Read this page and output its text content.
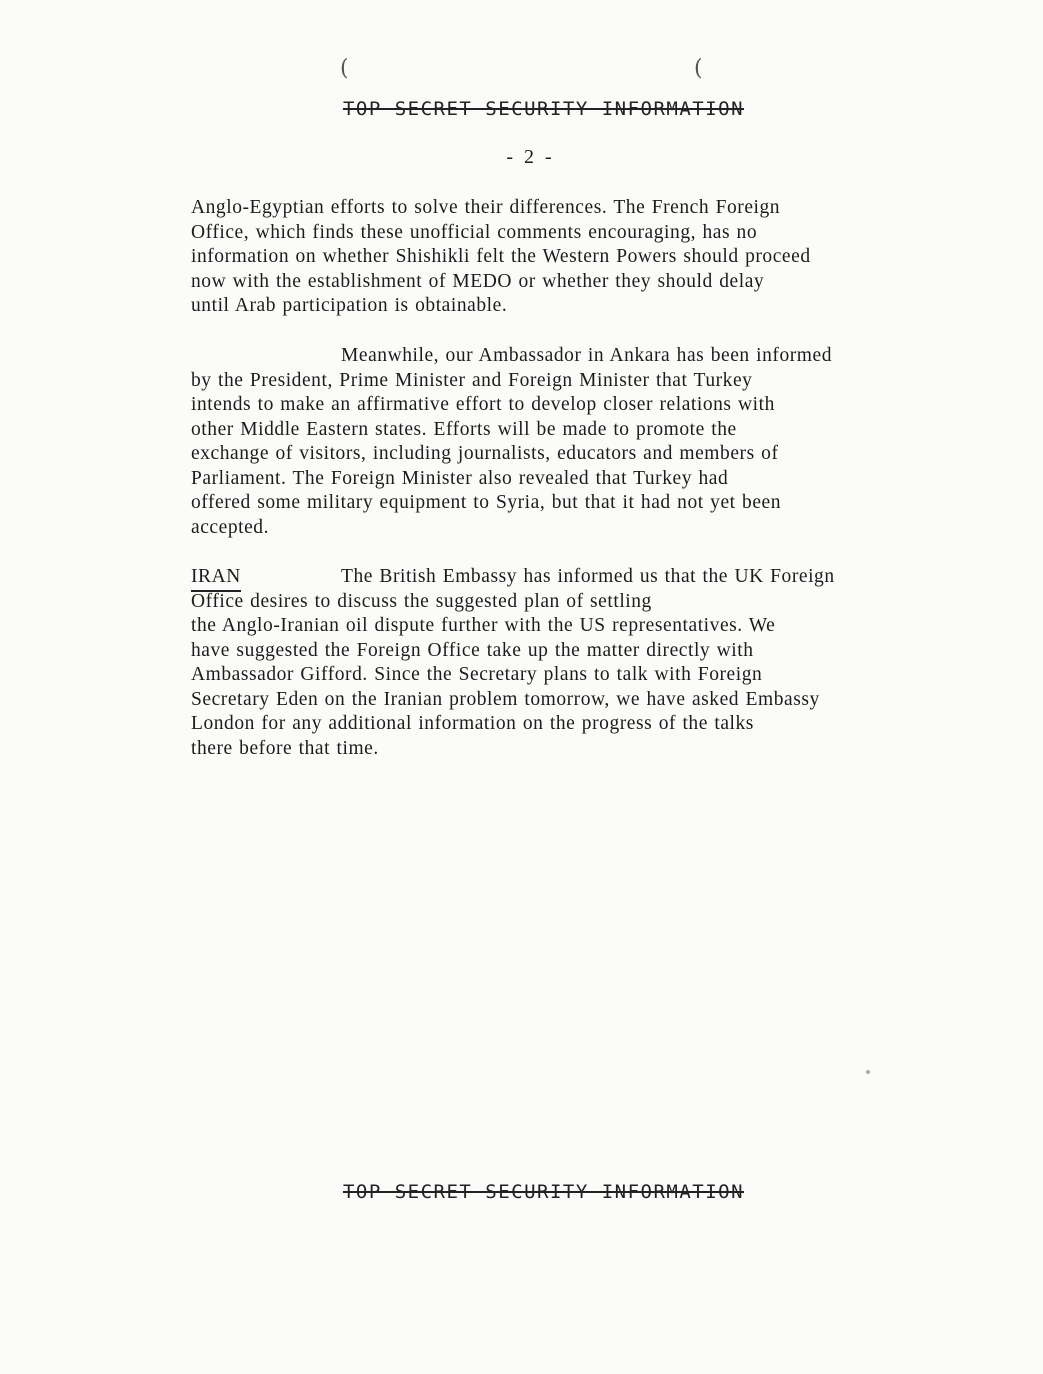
(	(
TOP SECRET SECURITY INFORMATION
- 2 -
Anglo-Egyptian efforts to solve their differences. The French Foreign
Office, which finds these unofficial comments encouraging, has no
information on whether Shishikli felt the Western Powers should proceed
now with the establishment of MEDO or whether they should delay
until Arab participation is obtainable.
Meanwhile, our Ambassador in Ankara has been informed
by the President, Prime Minister and Foreign Minister that Turkey
intends to make an affirmative effort to develop closer relations with
other Middle Eastern states. Efforts will be made to promote the
exchange of visitors, including journalists, educators and members of
Parliament. The Foreign Minister also revealed that Turkey had
offered some military equipment to Syria, but that it had not yet been
accepted.
IRAN	The British Embassy has informed us that the UK Foreign
Office desires to discuss the suggested plan of settling
the Anglo-Iranian oil dispute further with the US representatives. We
have suggested the Foreign Office take up the matter directly with
Ambassador Gifford. Since the Secretary plans to talk with Foreign
Secretary Eden on the Iranian problem tomorrow, we have asked Embassy
London for any additional information on the progress of the talks
there before that time.
TOP SECRET SECURITY INFORMATION
